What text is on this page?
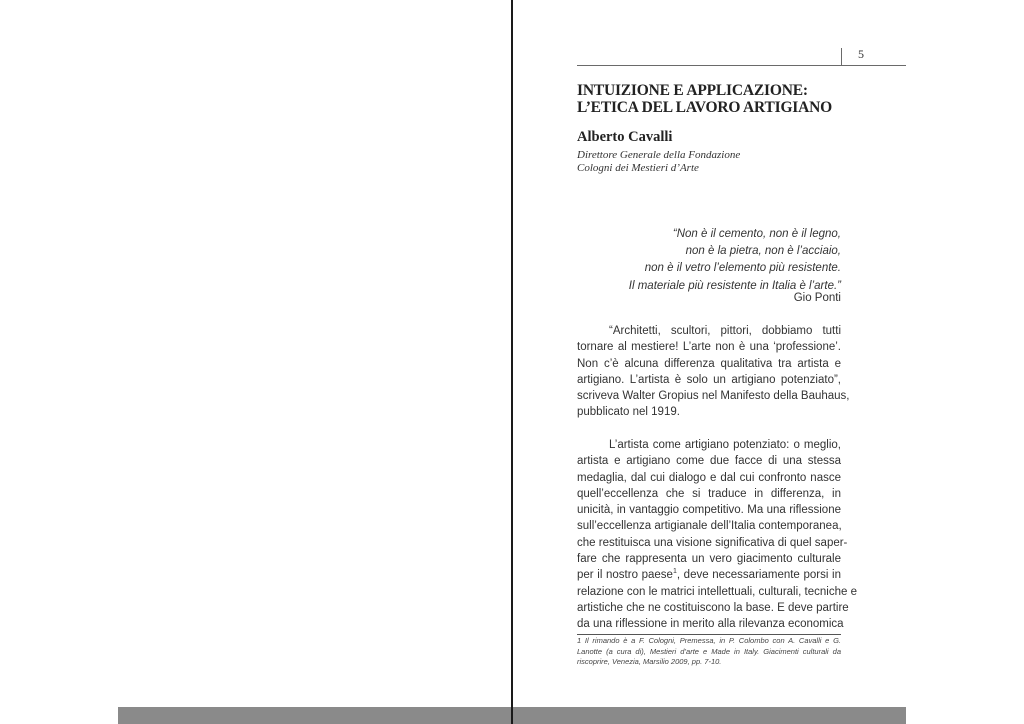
5
INTUIZIONE E APPLICAZIONE:
L’ETICA DEL LAVORO ARTIGIANO
Alberto Cavalli
Direttore Generale della Fondazione
Cologni dei Mestieri d’Arte
“Non è il cemento, non è il legno,
non è la pietra, non è l’acciaio,
non è il vetro l’elemento più resistente.
Il materiale più resistente in Italia è l’arte.”
Gio Ponti
“Architetti, scultori, pittori, dobbiamo tutti
tornare al mestiere! L’arte non è una ‘professione’.
Non c’è alcuna differenza qualitativa tra artista e
artigiano. L’artista è solo un artigiano potenziato”,
scriveva Walter Gropius nel Manifesto della Bauhaus,
pubblicato nel 1919.
L’artista come artigiano potenziato: o meglio,
artista e artigiano come due facce di una stessa
medaglia, dal cui dialogo e dal cui confronto nasce
quell’eccellenza che si traduce in differenza, in
unicità, in vantaggio competitivo. Ma una riflessione
sull’eccellenza artigianale dell’Italia contemporanea,
che restituisca una visione significativa di quel saper-
fare che rappresenta un vero giacimento culturale
per il nostro paese$^1$, deve necessariamente porsi in
relazione con le matrici intellettuali, culturali, tecniche e
artistiche che ne costituiscono la base. E deve partire
da una riflessione in merito alla rilevanza economica
1 Il rimando è a F. Cologni, Premessa, in P. Colombo con A. Cavalli e G.
Lanotte (a cura di), Mestieri d’arte e Made in Italy. Giacimenti culturali da
riscoprire, Venezia, Marsilio 2009, pp. 7-10.
